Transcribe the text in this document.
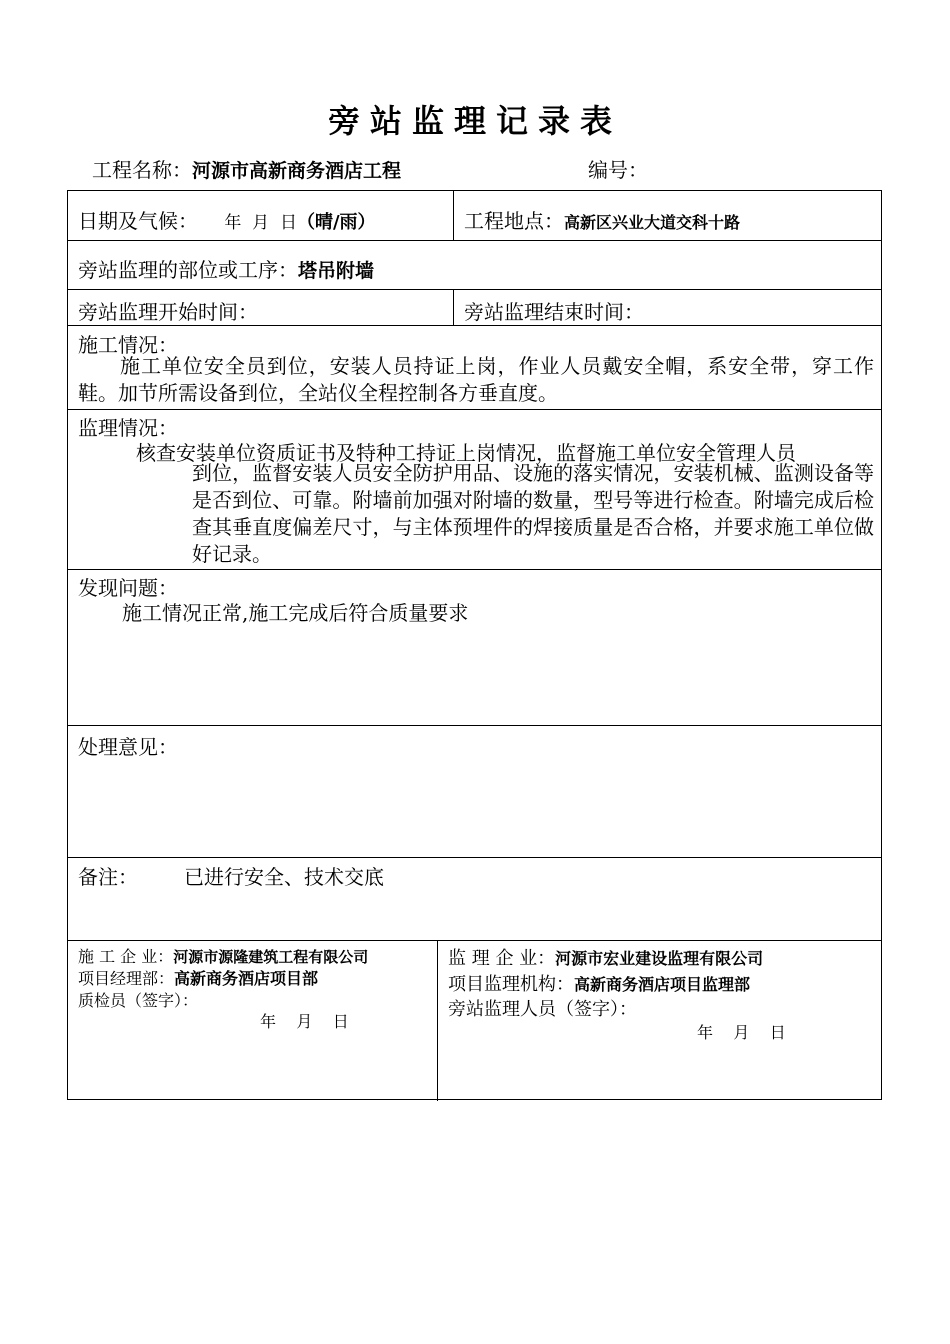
旁站监理记录表
工程名称：河源市高新商务酒店工程	编号：
日期及气候： 年  月  日（晴/雨）	工程地点：高新区兴业大道交科十路
旁站监理的部位或工序：塔吊附墙
旁站监理开始时间：	旁站监理结束时间：
施工情况：
施工单位安全员到位，安装人员持证上岗，作业人员戴安全帽，系安全带，穿工作鞋。加节所需设备到位，全站仪全程控制各方垂直度。
监理情况：
核查安装单位资质证书及特种工持证上岗情况，监督施工单位安全管理人员
到位，监督安装人员安全防护用品、设施的落实情况，安装机械、监测设备等是否到位、可靠。附墙前加强对附墙的数量，型号等进行检查。附墙完成后检查其垂直度偏差尺寸，与主体预埋件的焊接质量是否合格，并要求施工单位做好记录。
发现问题：
施工情况正常,施工完成后符合质量要求
处理意见：
备注： 已进行安全、技术交底
施 工 企 业：河源市源隆建筑工程有限公司
项目经理部：高新商务酒店项目部
质检员（签字）：
年    月    日
监 理 企 业：河源市宏业建设监理有限公司
项目监理机构：高新商务酒店项目监理部
旁站监理人员（签字）：
年    月    日
